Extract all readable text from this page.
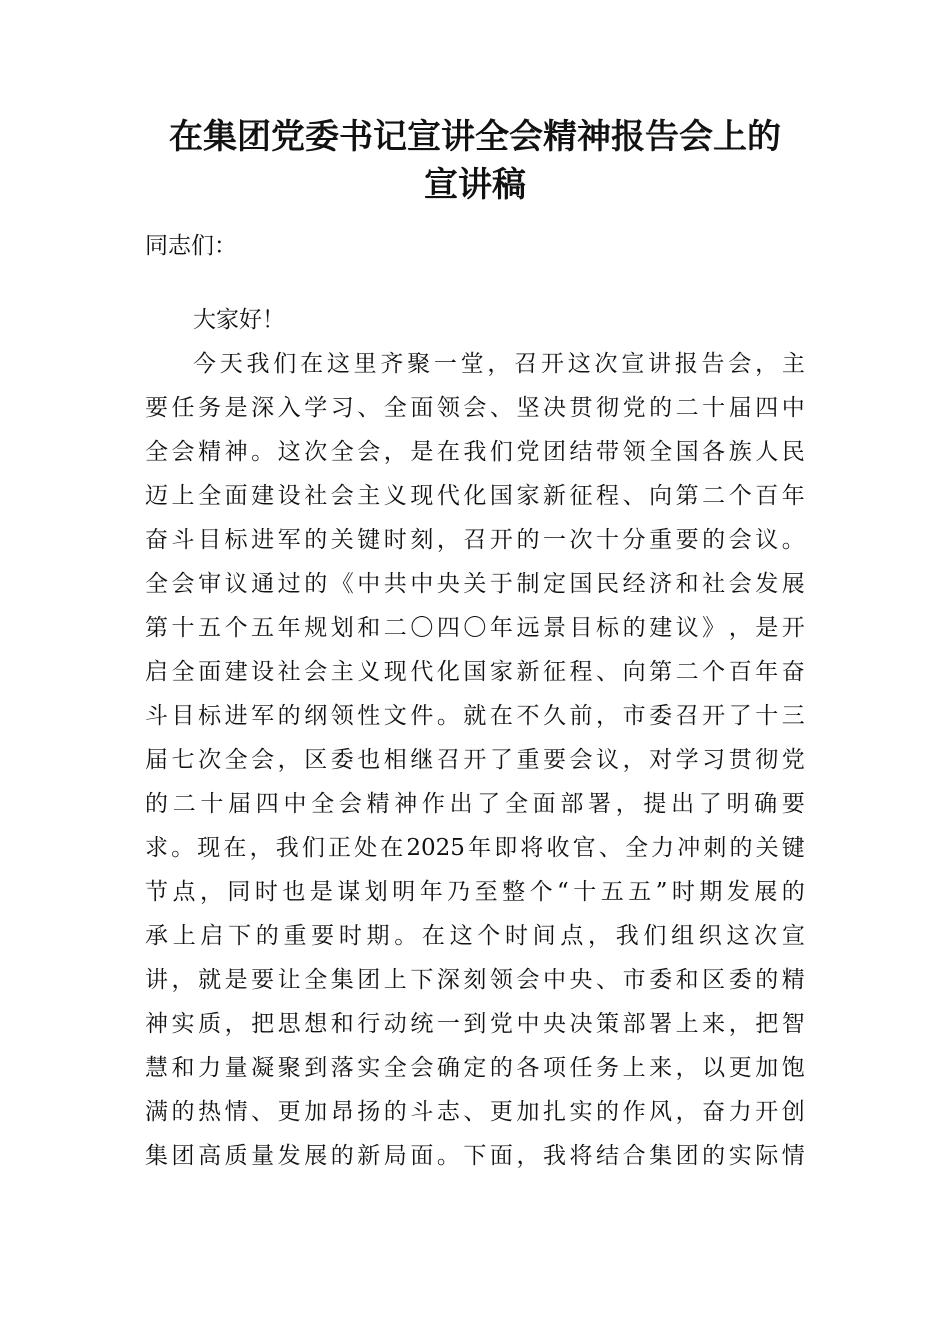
在集团党委书记宣讲全会精神报告会上的
宣讲稿

同志们：

大家好！

今 天 我 们 在 这 里 齐 聚 一 堂 ， 召 开 这 次 宣 讲 报 告 会 ， 主

要 任 务 是 深 入 学 习 、 全 面 领 会 、 坚 决 贯 彻 党 的 二 十 届 四 中

全 会 精 神 。 这 次 全 会 ， 是 在 我 们 党 团 结 带 领 全 国 各 族 人 民

迈 上 全 面 建 设 社 会 主 义 现 代 化 国 家 新 征 程 、 向 第 二 个 百 年

奋 斗 目 标 进 军 的 关 键 时 刻 ， 召 开 的 一 次 十 分 重 要 的 会 议 。

全 会 审 议 通 过 的 《 中 共 中 央 关 于 制 定 国 民 经 济 和 社 会 发 展

第 十 五 个 五 年 规 划 和 二 〇 四 〇 年 远 景 目 标 的 建 议 》 ， 是 开

启 全 面 建 设 社 会 主 义 现 代 化 国 家 新 征 程 、 向 第 二 个 百 年 奋

斗 目 标 进 军 的 纲 领 性 文 件 。 就 在 不 久 前 ， 市 委 召 开 了 十 三

届 七 次 全 会 ， 区 委 也 相 继 召 开 了 重 要 会 议 ， 对 学 习 贯 彻 党

的 二 十 届 四 中 全 会 精 神 作 出 了 全 面 部 署 ， 提 出 了 明 确 要

求 。 现 在 ， 我 们 正 处 在 2025 年 即 将 收 官 、 全 力 冲 刺 的 关 键

节 点 ， 同 时 也 是 谋 划 明 年 乃 至 整 个 “ 十 五 五 ” 时 期 发 展 的

承 上 启 下 的 重 要 时 期 。 在 这 个 时 间 点 ， 我 们 组 织 这 次 宣

讲 ， 就 是 要 让 全 集 团 上 下 深 刻 领 会 中 央 、 市 委 和 区 委 的 精

神 实 质 ， 把 思 想 和 行 动 统 一 到 党 中 央 决 策 部 署 上 来 ， 把 智

慧 和 力 量 凝 聚 到 落 实 全 会 确 定 的 各 项 任 务 上 来 ， 以 更 加 饱

满 的 热 情 、 更 加 昂 扬 的 斗 志 、 更 加 扎 实 的 作 风 ， 奋 力 开 创

集 团 高 质 量 发 展 的 新 局 面 。 下 面 ， 我 将 结 合 集 团 的 实 际 情
